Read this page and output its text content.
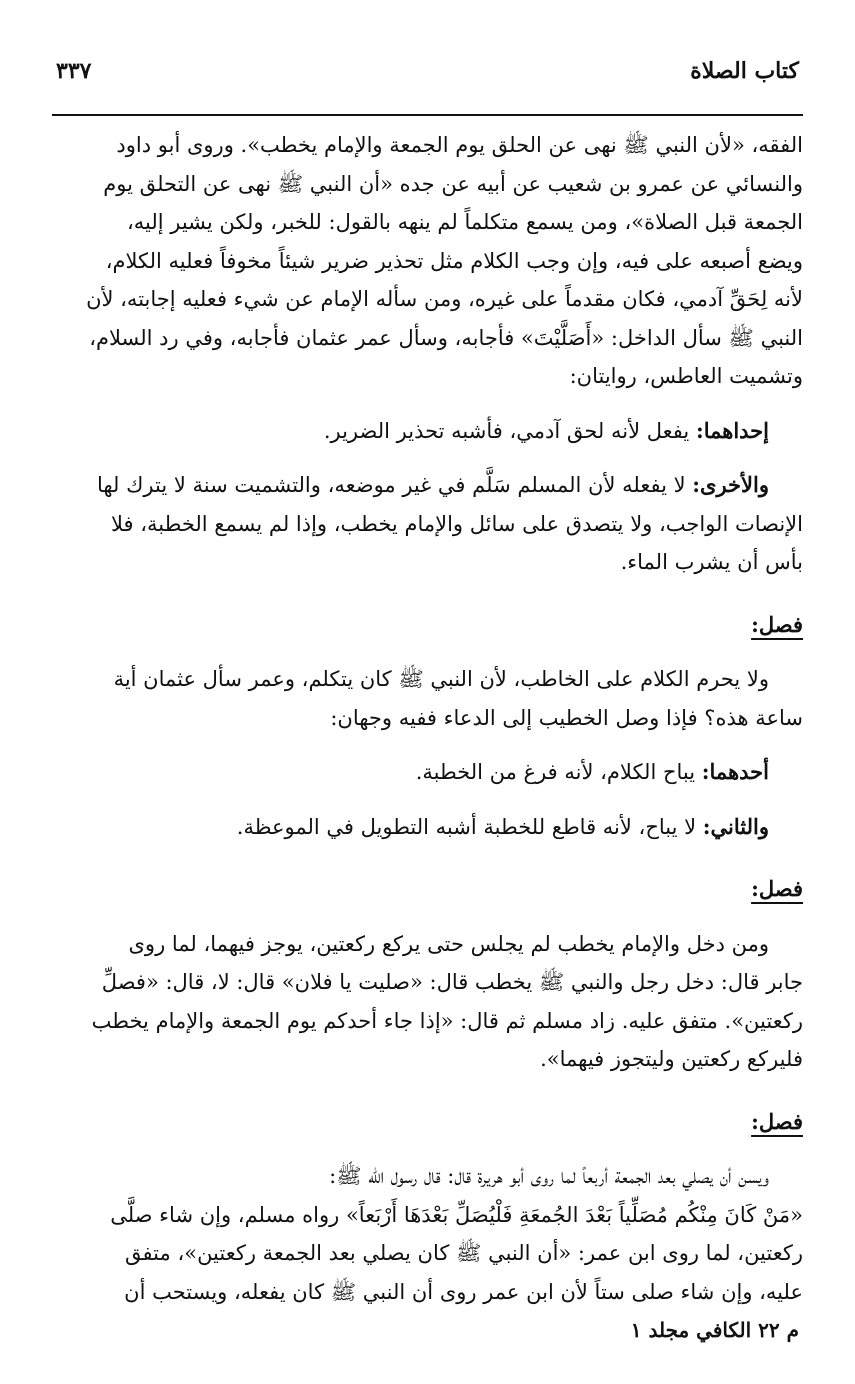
كتاب الصلاة
٣٣٧

الفقه، «لأن النبي ﷺ نهى عن الحلق يوم الجمعة والإمام يخطب». وروى أبو داود

والنسائي عن عمرو بن شعيب عن أبيه عن جده «أن النبي ﷺ نهى عن التحلق يوم

الجمعة قبل الصلاة»، ومن يسمع متكلماً لم ينهه بالقول: للخبر، ولكن يشير إليه،

ويضع أصبعه على فيه، وإن وجب الكلام مثل تحذير ضرير شيئاً مخوفاً فعليه الكلام،

لأنه لِحَقِّ آدمي، فكان مقدماً على غيره، ومن سأله الإمام عن شيء فعليه إجابته، لأن

النبي ﷺ سأل الداخل: «أَصَلَّيْتَ» فأجابه، وسأل عمر عثمان فأجابه، وفي رد السلام،

وتشميت العاطس، روايتان:

إحداهما: يفعل لأنه لحق آدمي، فأشبه تحذير الضرير.

والأخرى: لا يفعله لأن المسلم سَلَّم في غير موضعه، والتشميت سنة لا يترك لها

الإنصات الواجب، ولا يتصدق على سائل والإمام يخطب، وإذا لم يسمع الخطبة، فلا

بأس أن يشرب الماء.

فصل:

ولا يحرم الكلام على الخاطب، لأن النبي ﷺ كان يتكلم، وعمر سأل عثمان أية

ساعة هذه؟ فإذا وصل الخطيب إلى الدعاء ففيه وجهان:

أحدهما: يباح الكلام، لأنه فرغ من الخطبة.

والثاني: لا يباح، لأنه قاطع للخطبة أشبه التطويل في الموعظة.

فصل:

ومن دخل والإمام يخطب لم يجلس حتى يركع ركعتين، يوجز فيهما، لما روى

جابر قال: دخل رجل والنبي ﷺ يخطب قال: «صليت يا فلان» قال: لا، قال: «فصلِّ

ركعتين». متفق عليه. زاد مسلم ثم قال: «إذا جاء أحدكم يوم الجمعة والإمام يخطب

فليركع ركعتين وليتجوز فيهما».

فصل:

ويسن أن يصلي بعد الجمعة أربعاً لما روى أبو هريرة قال: قال رسول الله ﷺ:

«مَنْ كَانَ مِنْكُم مُصَلِّياً بَعْدَ الجُمعَةِ فَلْيُصَلِّ بَعْدَهَا أَرْبَعاً» رواه مسلم، وإن شاء صلَّى

ركعتين، لما روى ابن عمر: «أن النبي ﷺ كان يصلي بعد الجمعة ركعتين»، متفق

عليه، وإن شاء صلى ستاً لأن ابن عمر روى أن النبي ﷺ كان يفعله، ويستحب أن

م ٢٢ الكافي مجلد ١
